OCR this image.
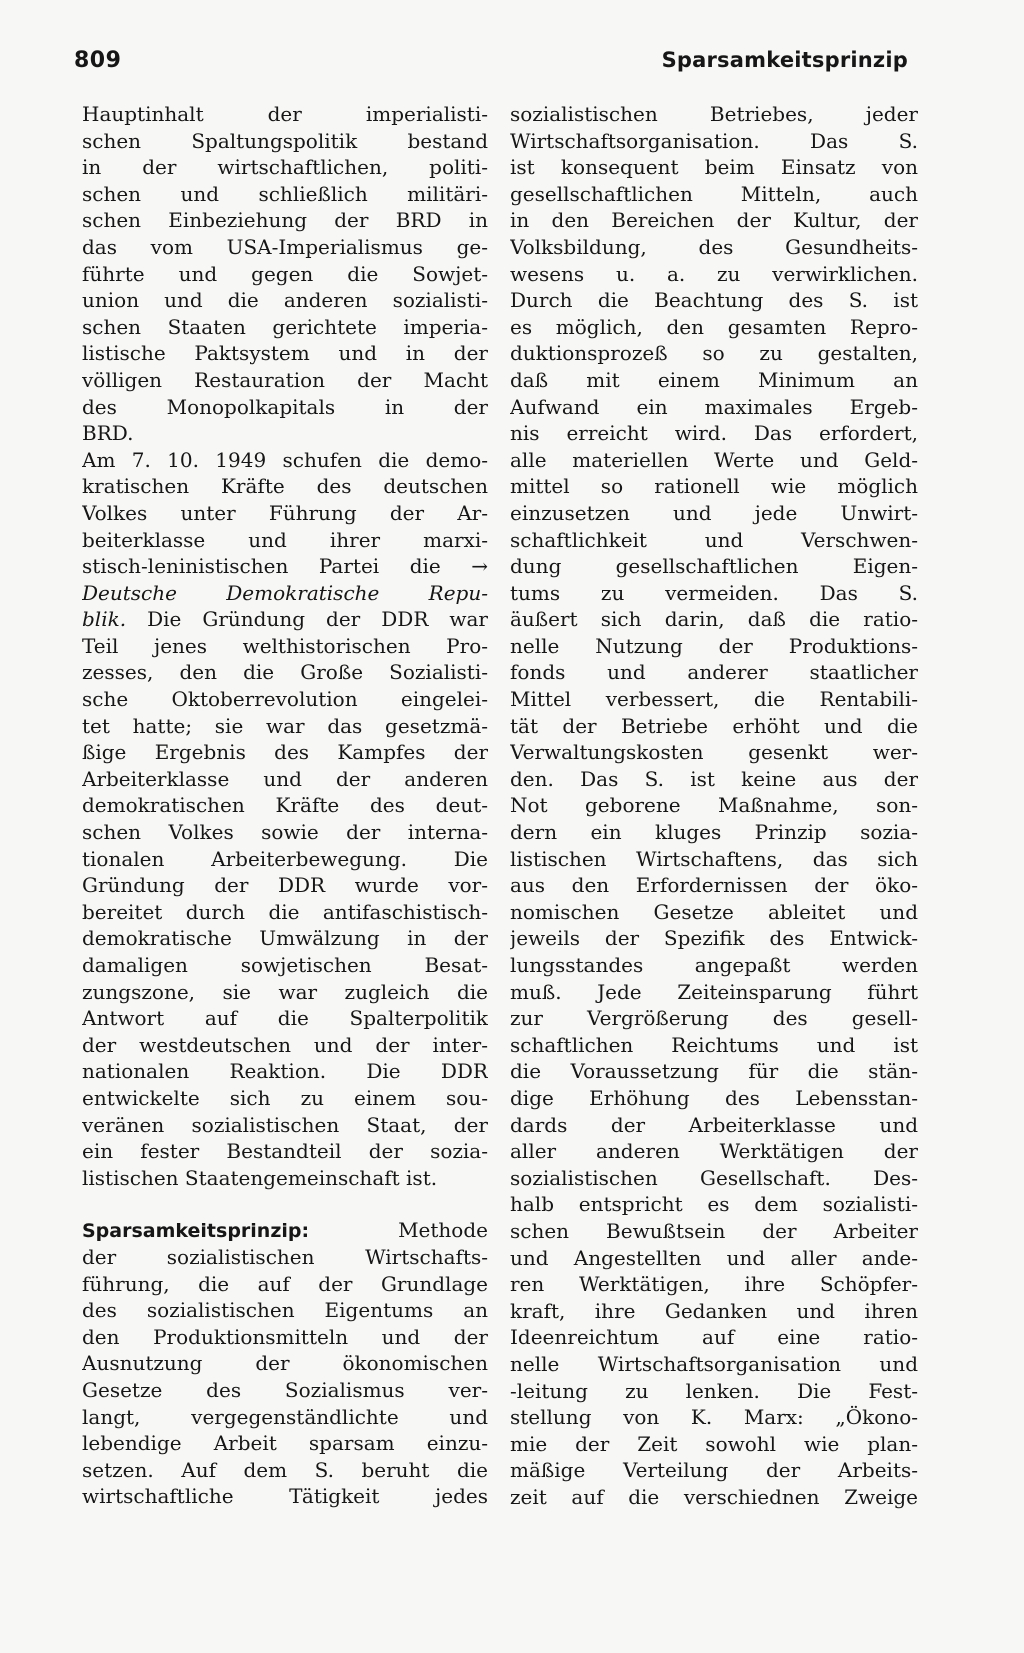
809	Sparsamkeitsprinzip
Hauptinhalt der imperialisti-
schen Spaltungspolitik bestand
in der wirtschaftlichen, politi-
schen und schließlich militäri-
schen Einbeziehung der BRD in
das vom USA-Imperialismus ge-
führte und gegen die Sowjet-
union und die anderen sozialisti-
schen Staaten gerichtete imperia-
listische Paktsystem und in der
völligen Restauration der Macht
des Monopolkapitals in der
BRD.
Am 7. 10. 1949 schufen die demo-
kratischen Kräfte des deutschen
Volkes unter Führung der Ar-
beiterklasse und ihrer marxi-
stisch-leninistischen Partei die →
Deutsche Demokratische Repu-
blik. Die Gründung der DDR war
Teil jenes welthistorischen Pro-
zesses, den die Große Sozialisti-
sche Oktoberrevolution eingelei-
tet hatte; sie war das gesetzmä-
ßige Ergebnis des Kampfes der
Arbeiterklasse und der anderen
demokratischen Kräfte des deut-
schen Volkes sowie der interna-
tionalen Arbeiterbewegung. Die
Gründung der DDR wurde vor-
bereitet durch die antifaschistisch-
demokratische Umwälzung in der
damaligen sowjetischen Besat-
zungszone, sie war zugleich die
Antwort auf die Spalterpolitik
der westdeutschen und der inter-
nationalen Reaktion. Die DDR
entwickelte sich zu einem sou-
veränen sozialistischen Staat, der
ein fester Bestandteil der sozia-
listischen Staatengemeinschaft ist.
Sparsamkeitsprinzip: Methode
der sozialistischen Wirtschafts-
führung, die auf der Grundlage
des sozialistischen Eigentums an
den Produktionsmitteln und der
Ausnutzung der ökonomischen
Gesetze des Sozialismus ver-
langt, vergegenständlichte und
lebendige Arbeit sparsam einzu-
setzen. Auf dem S. beruht die
wirtschaftliche Tätigkeit jedes
sozialistischen Betriebes, jeder
Wirtschaftsorganisation. Das S.
ist konsequent beim Einsatz von
gesellschaftlichen Mitteln, auch
in den Bereichen der Kultur, der
Volksbildung, des Gesundheits-
wesens u. a. zu verwirklichen.
Durch die Beachtung des S. ist
es möglich, den gesamten Repro-
duktionsprozeß so zu gestalten,
daß mit einem Minimum an
Aufwand ein maximales Ergeb-
nis erreicht wird. Das erfordert,
alle materiellen Werte und Geld-
mittel so rationell wie möglich
einzusetzen und jede Unwirt-
schaftlichkeit und Verschwen-
dung gesellschaftlichen Eigen-
tums zu vermeiden. Das S.
äußert sich darin, daß die ratio-
nelle Nutzung der Produktions-
fonds und anderer staatlicher
Mittel verbessert, die Rentabili-
tät der Betriebe erhöht und die
Verwaltungskosten gesenkt wer-
den. Das S. ist keine aus der
Not geborene Maßnahme, son-
dern ein kluges Prinzip sozia-
listischen Wirtschaftens, das sich
aus den Erfordernissen der öko-
nomischen Gesetze ableitet und
jeweils der Spezifik des Entwick-
lungsstandes angepaßt werden
muß. Jede Zeiteinsparung führt
zur Vergrößerung des gesell-
schaftlichen Reichtums und ist
die Voraussetzung für die stän-
dige Erhöhung des Lebensstan-
dards der Arbeiterklasse und
aller anderen Werktätigen der
sozialistischen Gesellschaft. Des-
halb entspricht es dem sozialisti-
schen Bewußtsein der Arbeiter
und Angestellten und aller ande-
ren Werktätigen, ihre Schöpfer-
kraft, ihre Gedanken und ihren
Ideenreichtum auf eine ratio-
nelle Wirtschaftsorganisation und
-leitung zu lenken. Die Fest-
stellung von K. Marx: „Ökono-
mie der Zeit sowohl wie plan-
mäßige Verteilung der Arbeits-
zeit auf die verschiednen Zweige
